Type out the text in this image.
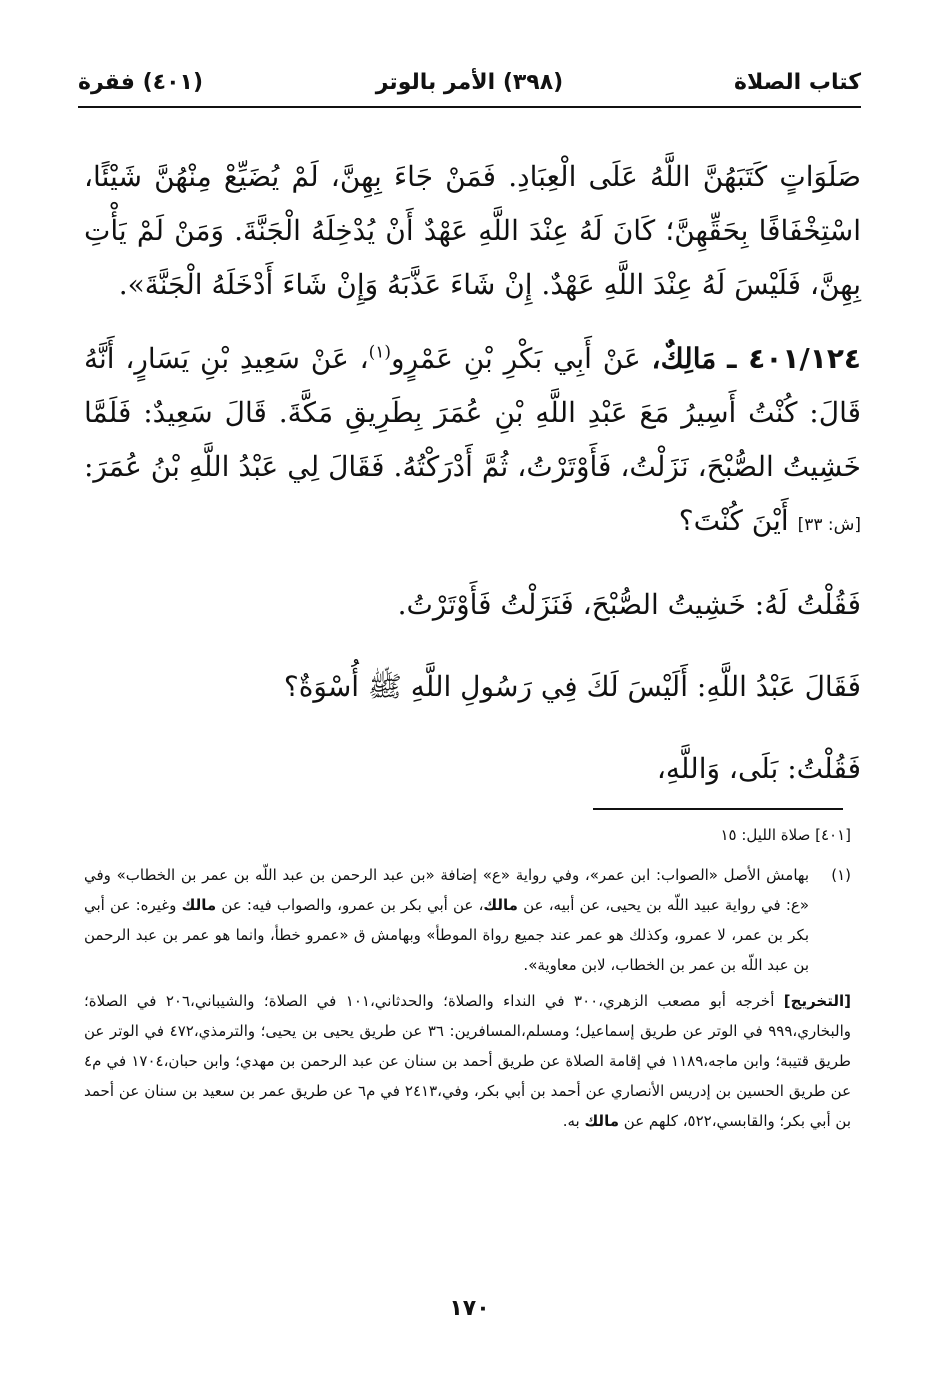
كتاب الصلاة
(٣٩٨) الأمر بالوتر
(٤٠١) فقرة

صَلَوَاتٍ كَتَبَهُنَّ اللَّهُ عَلَى الْعِبَادِ. فَمَنْ جَاءَ بِهِنَّ، لَمْ يُضَيِّعْ مِنْهُنَّ شَيْئًا، اسْتِخْفَافًا بِحَقِّهِنَّ؛ كَانَ لَهُ عِنْدَ اللَّهِ عَهْدٌ أَنْ يُدْخِلَهُ الْجَنَّةَ. وَمَنْ لَمْ يَأْتِ بِهِنَّ، فَلَيْسَ لَهُ عِنْدَ اللَّهِ عَهْدٌ. إِنْ شَاءَ عَذَّبَهُ وَإِنْ شَاءَ أَدْخَلَهُ الْجَنَّةَ».

٤٠١/١٢٤ ـ مَالِكٌ، عَنْ أَبِي بَكْرِ بْنِ عَمْرٍو$^{(١)}$، عَنْ سَعِيدِ بْنِ يَسَارٍ، أَنَّهُ قَالَ: كُنْتُ أَسِيرُ مَعَ عَبْدِ اللَّهِ بْنِ عُمَرَ بِطَرِيقِ مَكَّةَ. قَالَ سَعِيدٌ: فَلَمَّا خَشِيتُ الصُّبْحَ، نَزَلْتُ، فَأَوْتَرْتُ، ثُمَّ أَدْرَكْتُهُ. فَقَالَ لِي عَبْدُ اللَّهِ بْنُ عُمَرَ: [ش: ٣٣] أَيْنَ كُنْتَ؟

فَقُلْتُ لَهُ: خَشِيتُ الصُّبْحَ، فَنَزَلْتُ فَأَوْتَرْتُ.

فَقَالَ عَبْدُ اللَّهِ: أَلَيْسَ لَكَ فِي رَسُولِ اللَّهِ ﷺ أُسْوَةٌ؟

فَقُلْتُ: بَلَى، وَاللَّهِ،

[٤٠١] صلاة الليل: ١٥

(١)

بهامش الأصل «الصواب: ابن عمر»، وفي رواية «ع» إضافة «بن عبد الرحمن بن عبد اللّه بن عمر بن الخطاب» وفي «ع: في رواية عبيد اللّه بن يحيى، عن أبيه، عن مالك، عن أبي بكر بن عمرو، والصواب فيه: عن مالك وغيره: عن أبي بكر بن عمر، لا عمرو، وكذلك هو عمر عند جميع رواة الموطأ» وبهامش ق «عمرو خطأ، وانما هو عمر بن عبد الرحمن بن عبد اللّه بن عمر بن الخطاب، لابن معاوية».

[التخريج] أخرجه أبو مصعب الزهري،٣٠٠ في النداء والصلاة؛ والحدثاني،١٠١ في الصلاة؛ والشيباني،٢٠٦ في الصلاة؛ والبخاري،٩٩٩ في الوتر عن طريق إسماعيل؛ ومسلم،المسافرين: ٣٦ عن طريق يحيى بن يحيى؛ والترمذي،٤٧٢ في الوتر عن طريق قتيبة؛ وابن ماجه،١١٨٩ في إقامة الصلاة عن طريق أحمد بن سنان عن عبد الرحمن بن مهدي؛ وابن حبان،١٧٠٤ في م٤ عن طريق الحسين بن إدريس الأنصاري عن أحمد بن أبي بكر، وفي،٢٤١٣ في م٦ عن طريق عمر بن سعيد بن سنان عن أحمد بن أبي بكر؛ والقابسي،٥٢٢، كلهم عن مالك به.

١٧٠
